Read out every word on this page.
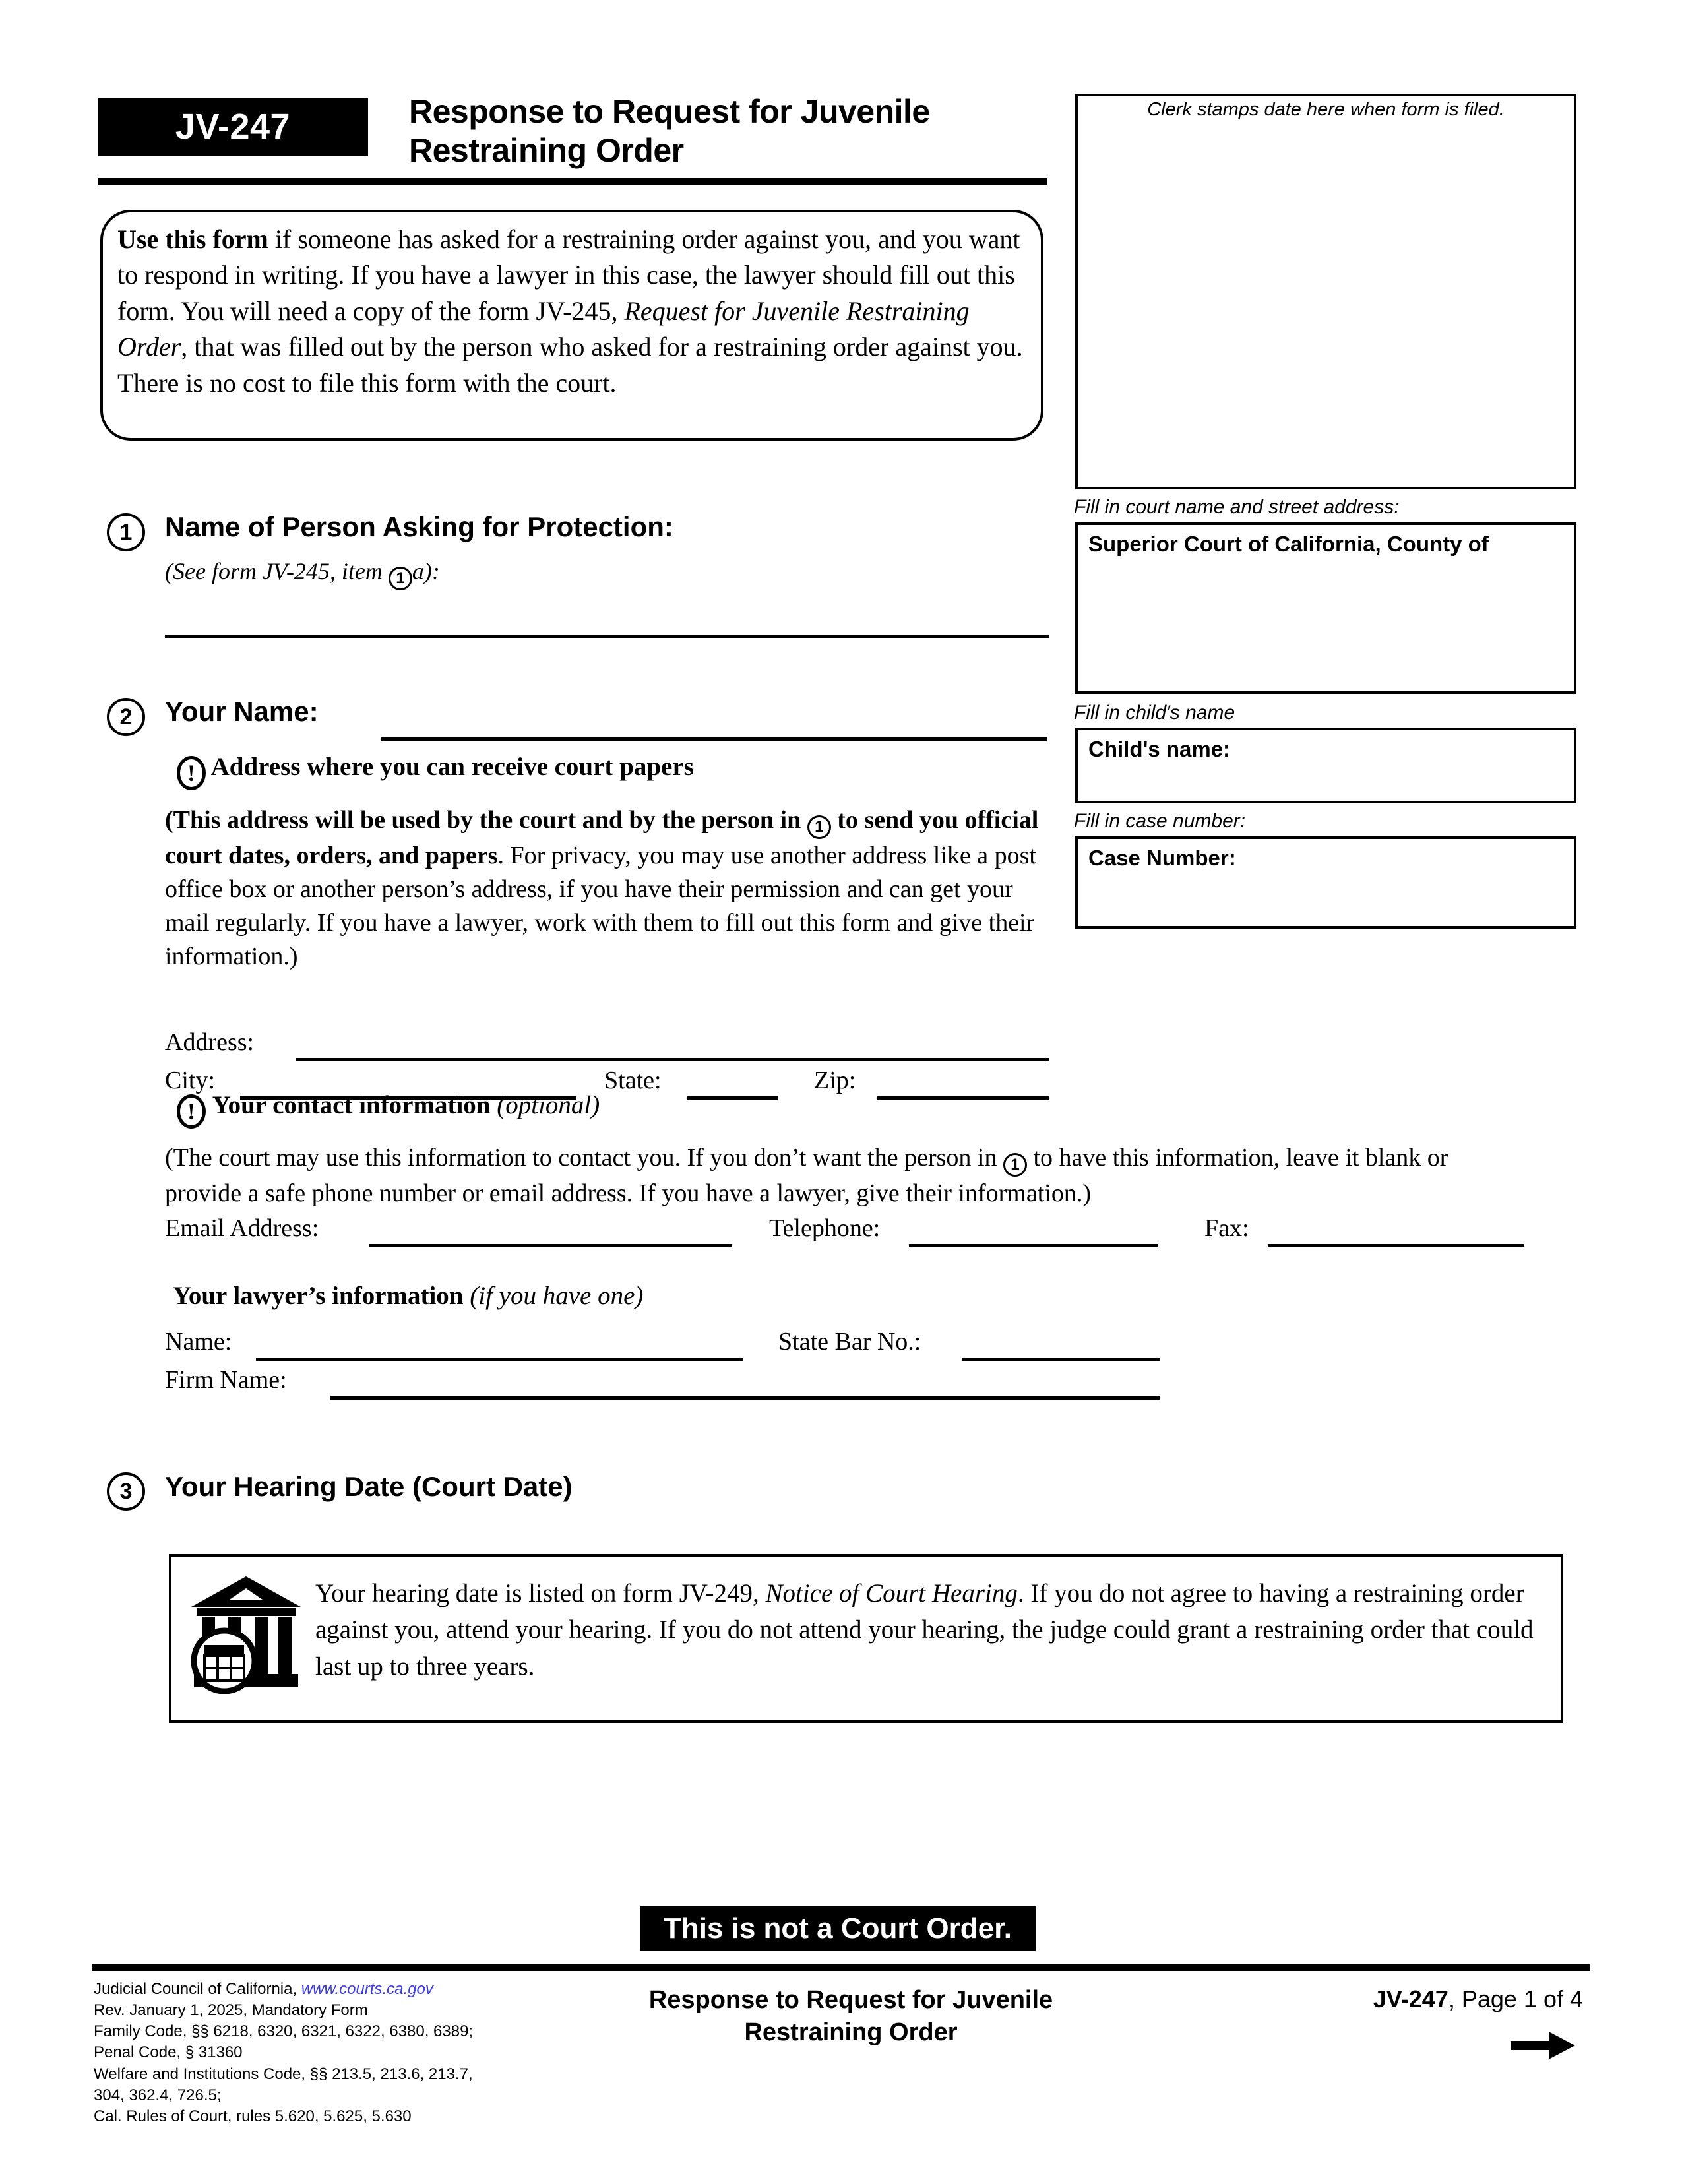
JV-247	Response to Request for Juvenile
Restraining Order
Use this form if someone has asked for a restraining order against you, and you want to respond in writing. If you have a lawyer in this case, the lawyer should fill out this form. You will need a copy of the form JV-245, Request for Juvenile Restraining Order, that was filled out by the person who asked for a restraining order against you. There is no cost to file this form with the court.
Clerk stamps date here when form is filed.
Fill in court name and street address:
Superior Court of California, County of
Fill in child's name
Child's name:
Fill in case number:
Case Number:
1	Name of Person Asking for Protection:
(See form JV-245, item 1 a):
2	Your Name:
! Address where you can receive court papers
(This address will be used by the court and by the person in 1 to send you official court dates, orders, and papers. For privacy, you may use another address like a post office box or another person’s address, if you have their permission and can get your mail regularly. If you have a lawyer, work with them to fill out this form and give their information.)
Address:
City:	State:	Zip:
! Your contact information (optional)
(The court may use this information to contact you. If you don’t want the person in 1 to have this information, leave it blank or provide a safe phone number or email address. If you have a lawyer, give their information.)
Email Address:	Telephone:	Fax:
Your lawyer’s information (if you have one)
Name:	State Bar No.:
Firm Name:
3	Your Hearing Date (Court Date)
Your hearing date is listed on form JV-249, Notice of Court Hearing. If you do not agree to having a restraining order against you, attend your hearing. If you do not attend your hearing, the judge could grant a restraining order that could last up to three years.
This is not a Court Order.
Judicial Council of California, www.courts.ca.gov
Rev. January 1, 2025, Mandatory Form
Family Code, §§ 6218, 6320, 6321, 6322, 6380, 6389;
Penal Code, § 31360
Welfare and Institutions Code, §§ 213.5, 213.6, 213.7,
304, 362.4, 726.5;
Cal. Rules of Court, rules 5.620, 5.625, 5.630
Response to Request for Juvenile
Restraining Order
JV-247, Page 1 of 4
